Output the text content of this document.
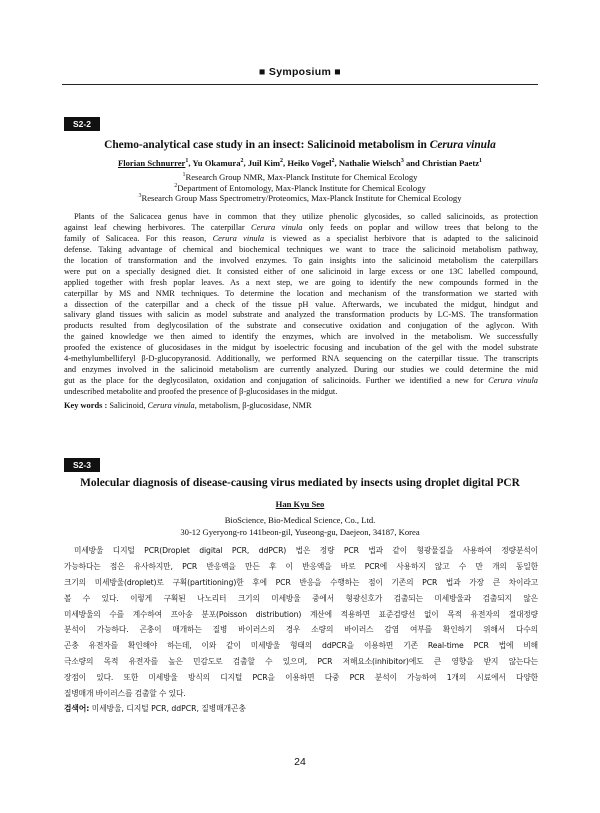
■ Symposium ■
S2-2
Chemo-analytical case study in an insect: Salicinoid metabolism in Cerura vinula
Florian Schnurrer$^1$, Yu Okamura$^2$, Juil Kim$^2$, Heiko Vogel$^2$, Nathalie Wielsch$^3$ and Christian Paetz$^1$
$^1$Research Group NMR, Max-Planck Institute for Chemical Ecology
$^2$Department of Entomology, Max-Planck Institute for Chemical Ecology
$^3$Research Group Mass Spectrometry/Proteomics, Max-Planck Institute for Chemical Ecology
Plants of the Salicacea genus have in common that they utilize phenolic glycosides, so called salicinoids, as protection
against leaf chewing herbivores. The caterpillar Cerura vinula only feeds on poplar and willow trees that belong to the
family of Salicacea. For this reason, Cerura vinula is viewed as a specialist herbivore that is adapted to the salicinoid
defense. Taking advantage of chemical and biochemical techniques we want to trace the salicinoid metabolism pathway,
the location of transformation and the involved enzymes. To gain insights into the salicinoid metabolism the caterpillars
were put on a specially designed diet. It consisted either of one salicinoid in large excess or one 13C labelled compound,
applied together with fresh poplar leaves. As a next step, we are going to identify the new compounds formed in the
caterpillar by MS and NMR techniques. To determine the location and mechanism of the transformation we started with
a dissection of the caterpillar and a check of the tissue pH value. Afterwards, we incubated the midgut, hindgut and
salivary gland tissues with salicin as model substrate and analyzed the transformation products by LC-MS. The transformation
products resulted from deglycosilation of the substrate and consecutive oxidation and conjugation of the aglycon. With
the gained knowledge we then aimed to identify the enzymes, which are involved in the metabolism. We successfully
proofed the existence of glucosidases in the midgut by isoelectric focusing and incubation of the gel with the model substrate
4-methylumbelliferyl β-D-glucopyranosid. Additionally, we performed RNA sequencing on the caterpillar tissue. The transcripts
and enzymes involved in the salicinoid metabolism are currently analyzed. During our studies we could determine the mid
gut as the place for the deglycosilaton, oxidation and conjugation of salicinoids. Further we identified a new for Cerura vinula
undescribed metabolite and proofed the presence of β-glucosidases in the midgut.
Key words : Salicinoid, Cerura vinula, metabolism, β-glucosidase, NMR
S2-3
Molecular diagnosis of disease-causing virus mediated by insects using droplet digital PCR
Han Kyu Seo
BioScience, Bio-Medical Science, Co., Ltd.
30-12 Gyeryong-ro 141beon-gil, Yuseong-gu, Daejeon, 34187, Korea
미세방울 디지털 PCR(Droplet digital PCR, ddPCR) 법은 정량 PCR 법과 같이 형광물질을 사용하여 정량분석이
가능하다는 점은 유사하지만, PCR 반응액을 만든 후 이 반응액을 바로 PCR에 사용하지 않고 수 만 개의 동일한
크기의 미세방울(droplet)로 구획(partitioning)한 후에 PCR 반응을 수행하는 점이 기존의 PCR 법과 가장 큰 차이라고
볼 수 있다. 이렇게 구획된 나노리터 크기의 미세방울 중에서 형광신호가 검출되는 미세방울과 검출되지 않은
미세방울의 수를 계수하여 프아송 분포(Poisson distribution) 계산에 적용하면 표준검량선 없이 목적 유전자의 절대정량
분석이 가능하다. 곤충이 매개하는 질병 바이러스의 경우 소량의 바이러스 감염 여부를 확인하기 위해서 다수의
곤충 유전자를 확인해야 하는데, 이와 같이 미세방울 형태의 ddPCR을 이용하면 기존 Real-time PCR 법에 비해
극소량의 목적 유전자를 높은 민감도로 검출할 수 있으며, PCR 저해요소(inhibitor)에도 큰 영향을 받지 않는다는
장점이 있다. 또한 미세방울 방식의 디지털 PCR을 이용하면 다중 PCR 분석이 가능하여 1개의 시료에서 다양한
질병매개 바이러스를 검출할 수 있다.
검색어: 미세방울, 디지털 PCR, ddPCR, 질병매개곤충
24
